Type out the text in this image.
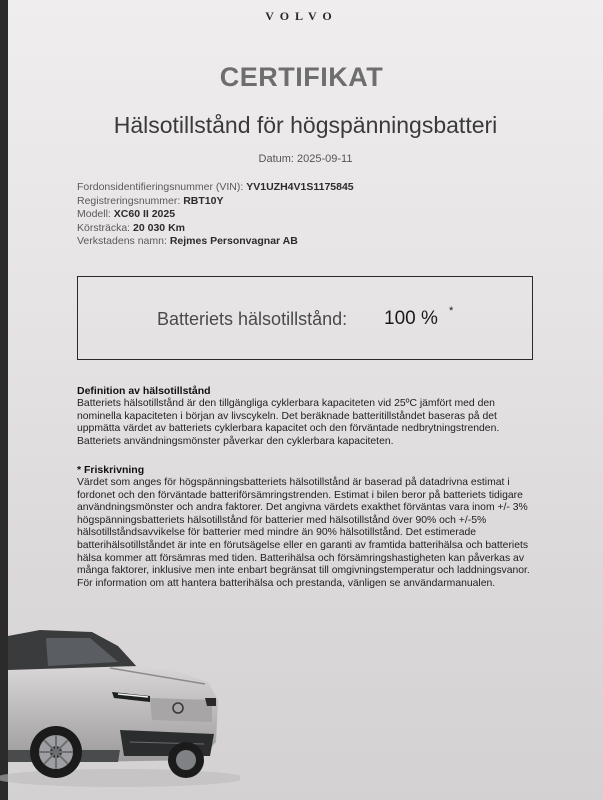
VOLVO
CERTIFIKAT
Hälsotillstånd för högspänningsbatteri
Datum: 2025-09-11
Fordonsidentifieringsnummer (VIN): YV1UZH4V1S1175845
Registreringsnummer: RBT10Y
Modell: XC60 II 2025
Körsträcka: 20 030 Km
Verkstadens namn: Rejmes Personvagnar AB
Batteriets hälsotillstånd: 100 % *
Definition av hälsotillstånd
Batteriets hälsotillstånd är den tillgängliga cyklerbara kapaciteten vid 25ºC jämfört med den
nominella kapaciteten i början av livscykeln. Det beräknade batteritillståndet baseras på det
uppmätta värdet av batteriets cyklerbara kapacitet och den förväntade nedbrytningstrenden.
Batteriets användningsmönster påverkar den cyklerbara kapaciteten.
* Friskrivning
Värdet som anges för högspänningsbatteriets hälsotillstånd är baserad på datadrivna estimat i
fordonet och den förväntade batteriförsämringstrenden. Estimat i bilen beror på batteriets tidigare
användningsmönster och andra faktorer. Det angivna värdets exakthet förväntas vara inom +/- 3%
högspänningsbatteriets hälsotillstånd för batterier med hälsotillstånd över 90% och +/-5%
hälsotillståndsavvikelse för batterier med mindre än 90% hälsotillstånd. Det estimerade
batterihälsotillståndet är inte en förutsägelse eller en garanti av framtida batterihälsa och batteriets
hälsa kommer att försämras med tiden. Batterihälsa och försämringshastigheten kan påverkas av
många faktorer, inklusive men inte enbart begränsat till omgivningstemperatur och laddningsvanor.
För information om att hantera batterihälsa och prestanda, vänligen se användarmanualen.
